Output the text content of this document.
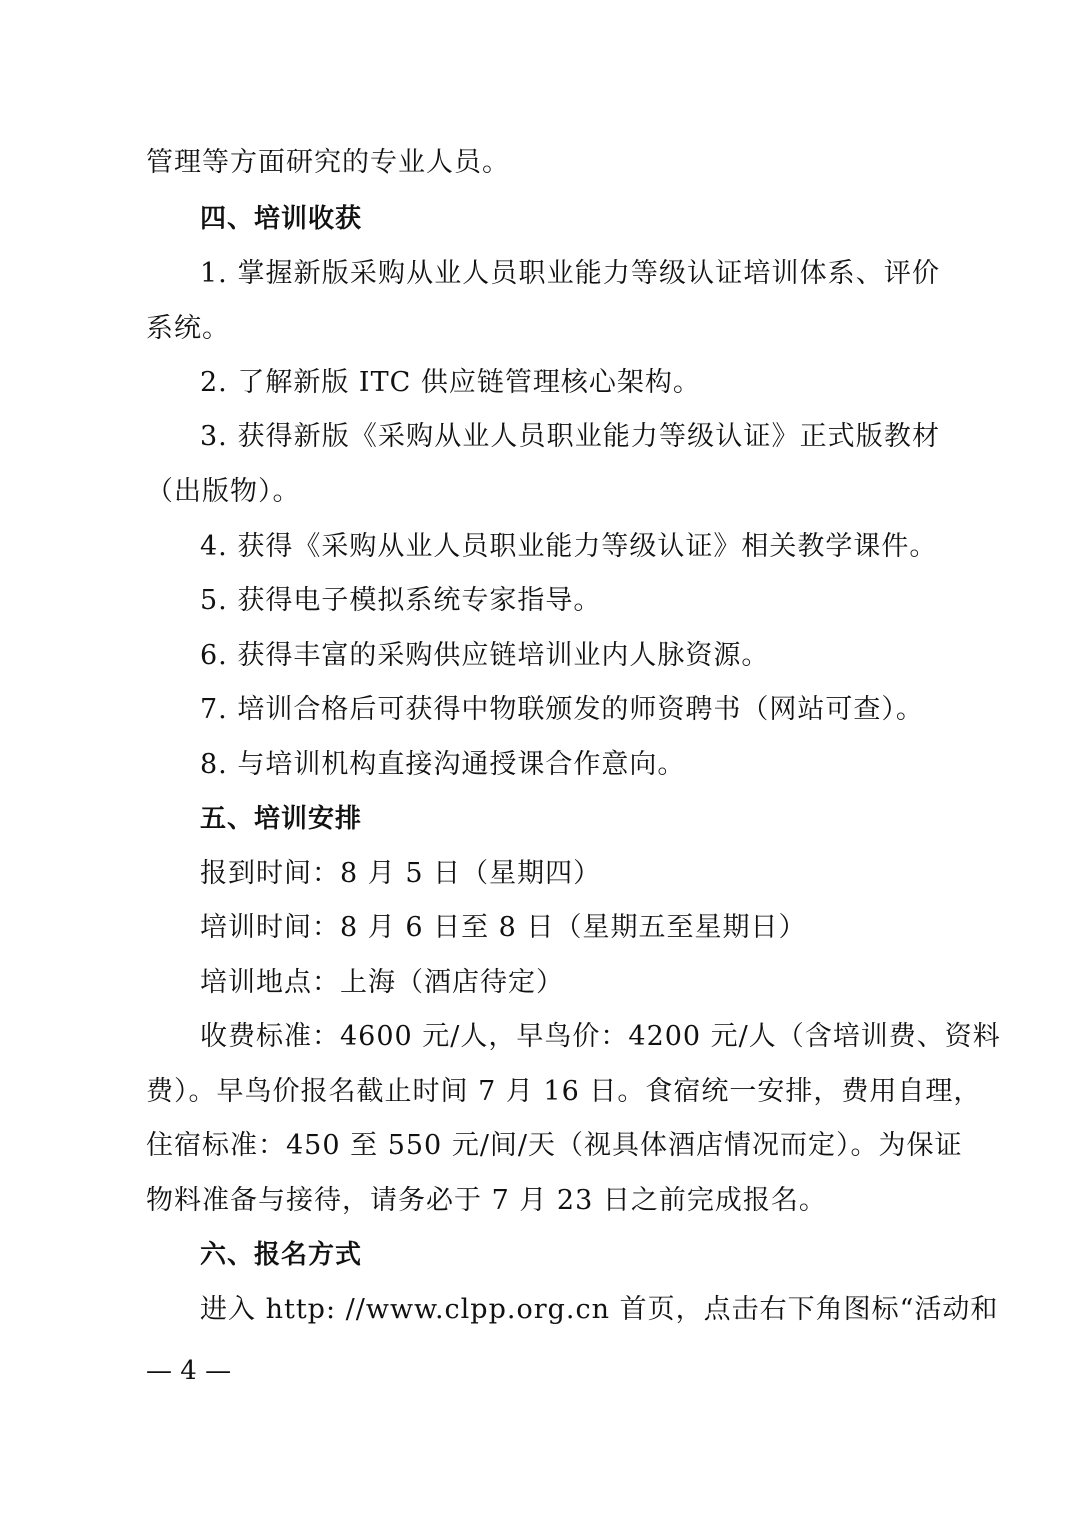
管理等方面研究的专业人员。
四、培训收获
1. 掌握新版采购从业人员职业能力等级认证培训体系、评价
系统。
2. 了解新版 ITC 供应链管理核心架构。
3. 获得新版《采购从业人员职业能力等级认证》正式版教材
（出版物）。
4. 获得《采购从业人员职业能力等级认证》相关教学课件。
5. 获得电子模拟系统专家指导。
6. 获得丰富的采购供应链培训业内人脉资源。
7. 培训合格后可获得中物联颁发的师资聘书（网站可查）。
8. 与培训机构直接沟通授课合作意向。
五、培训安排
报到时间：8 月 5 日（星期四）
培训时间：8 月 6 日至 8 日（星期五至星期日）
培训地点：上海（酒店待定）
收费标准：4600 元/人，早鸟价：4200 元/人（含培训费、资料
费）。早鸟价报名截止时间 7 月 16 日。食宿统一安排，费用自理，
住宿标准：450 至 550 元/间/天（视具体酒店情况而定）。为保证
物料准备与接待，请务必于 7 月 23 日之前完成报名。
六、报名方式
进入 http: //www.clpp.org.cn 首页，点击右下角图标“活动和
— 4 —
